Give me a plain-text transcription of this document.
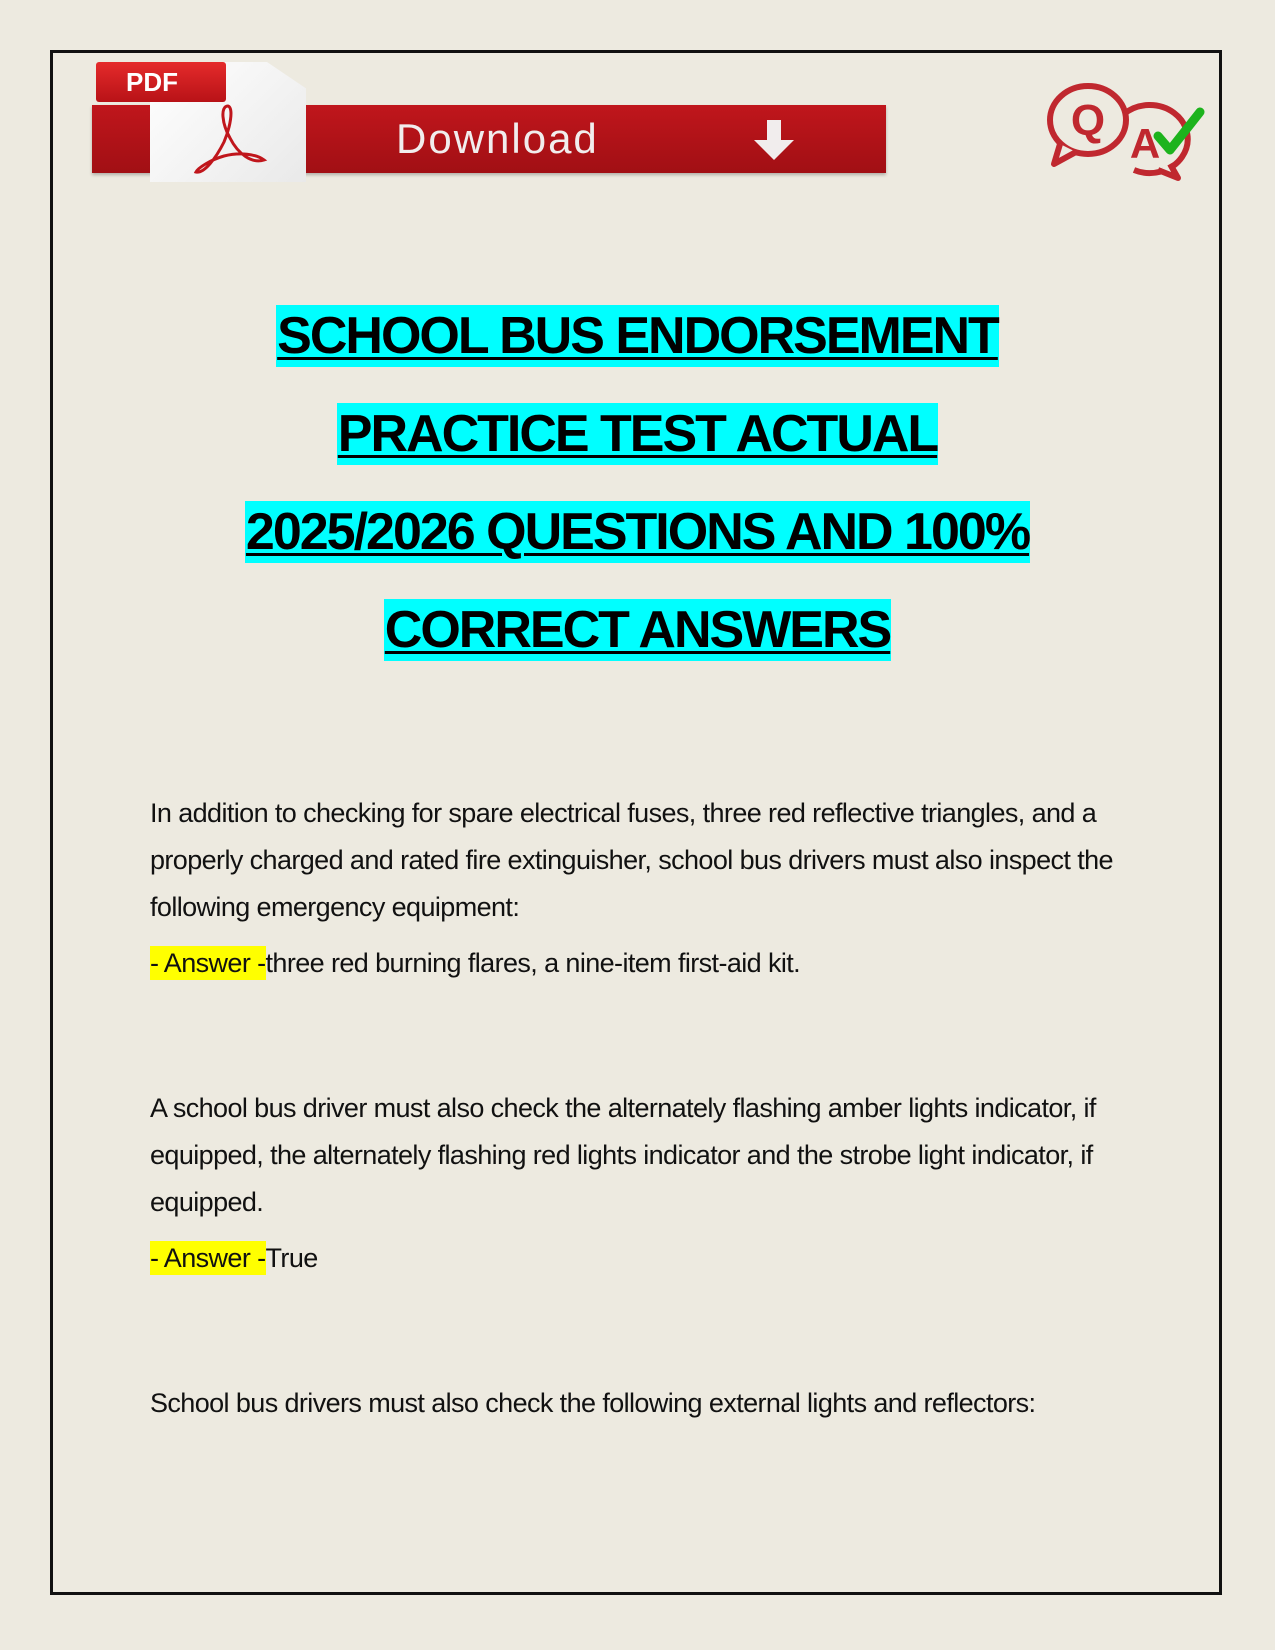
PDF
Download	Q A
SCHOOL BUS ENDORSEMENT
PRACTICE TEST ACTUAL
2025/2026 QUESTIONS AND 100%
CORRECT ANSWERS

In addition to checking for spare electrical fuses, three red reflective triangles, and a properly charged and rated fire extinguisher, school bus drivers must also inspect the following emergency equipment:

- Answer -three red burning flares, a nine-item first-aid kit.

A school bus driver must also check the alternately flashing amber lights indicator, if equipped, the alternately flashing red lights indicator and the strobe light indicator, if equipped.

- Answer -True

School bus drivers must also check the following external lights and reflectors:
